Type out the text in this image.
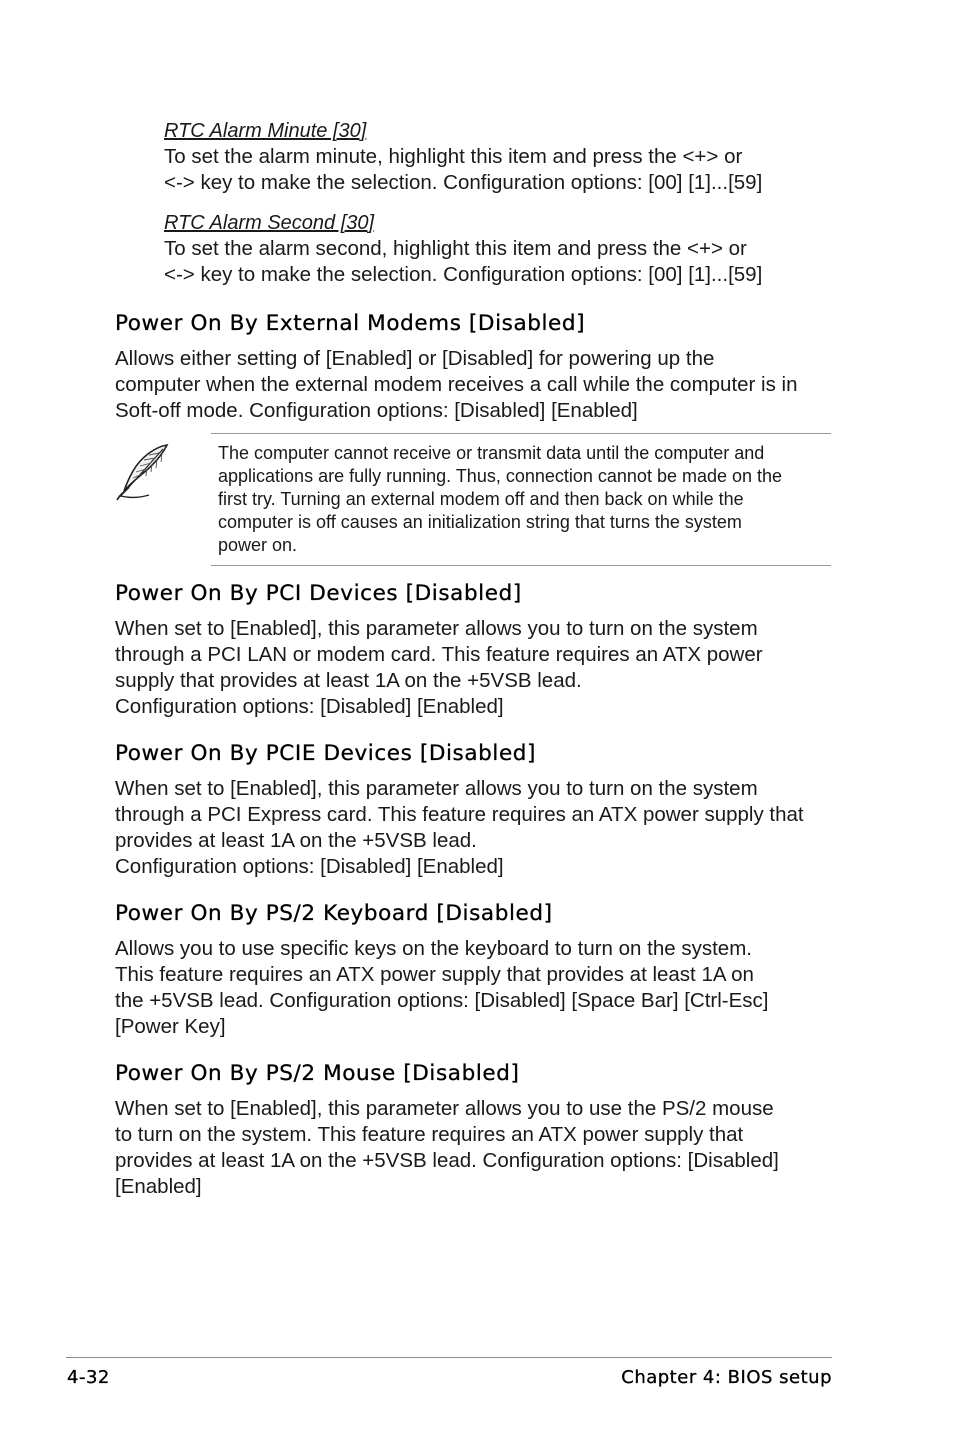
RTC Alarm Minute [30]

To set the alarm minute, highlight this item and press the <+> or

<-> key to make the selection. Configuration options: [00] [1]...[59]

RTC Alarm Second [30]

To set the alarm second, highlight this item and press the <+> or

<-> key to make the selection. Configuration options: [00] [1]...[59]

Power On By External Modems [Disabled]

Allows either setting of [Enabled] or [Disabled] for powering up the

computer when the external modem receives a call while the computer is in

Soft-off mode. Configuration options: [Disabled] [Enabled]

The computer cannot receive or transmit data until the computer and
applications are fully running. Thus, connection cannot be made on the
first try. Turning an external modem off and then back on while the
computer is off causes an initialization string that turns the system
power on.

Power On By PCI Devices [Disabled]

When set to [Enabled], this parameter allows you to turn on the system

through a PCI LAN or modem card. This feature requires an ATX power

supply that provides at least 1A on the +5VSB lead.

Configuration options: [Disabled] [Enabled]

Power On By PCIE Devices [Disabled]

When set to [Enabled], this parameter allows you to turn on the system

through a PCI Express card. This feature requires an ATX power supply that

provides at least 1A on the +5VSB lead.

Configuration options: [Disabled] [Enabled]

Power On By PS/2 Keyboard [Disabled]

Allows you to use specific keys on the keyboard to turn on the system.

This feature requires an ATX power supply that provides at least 1A on

the +5VSB lead. Configuration options: [Disabled] [Space Bar] [Ctrl-Esc]

[Power Key]

Power On By PS/2 Mouse [Disabled]

When set to [Enabled], this parameter allows you to use the PS/2 mouse

to turn on the system. This feature requires an ATX power supply that

provides at least 1A on the +5VSB lead. Configuration options: [Disabled]

[Enabled]

4-32	Chapter 4: BIOS setup
